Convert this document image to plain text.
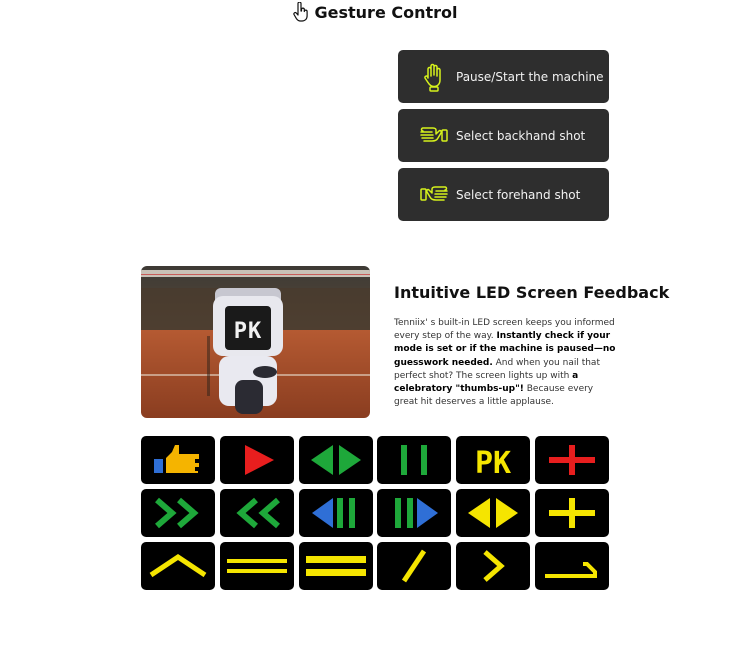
Gesture Control
Pause/Start the machine
Select backhand shot
Select forehand shot
PK
Intuitive LED Screen Feedback

Tenniix' s built-in LED screen keeps you informed every step of the way. Instantly check if your mode is set or if the machine is paused—no guesswork needed. And when you nail that perfect shot? The screen lights up with a celebratory "thumbs-up"! Because every great hit deserves a little applause.

PK
